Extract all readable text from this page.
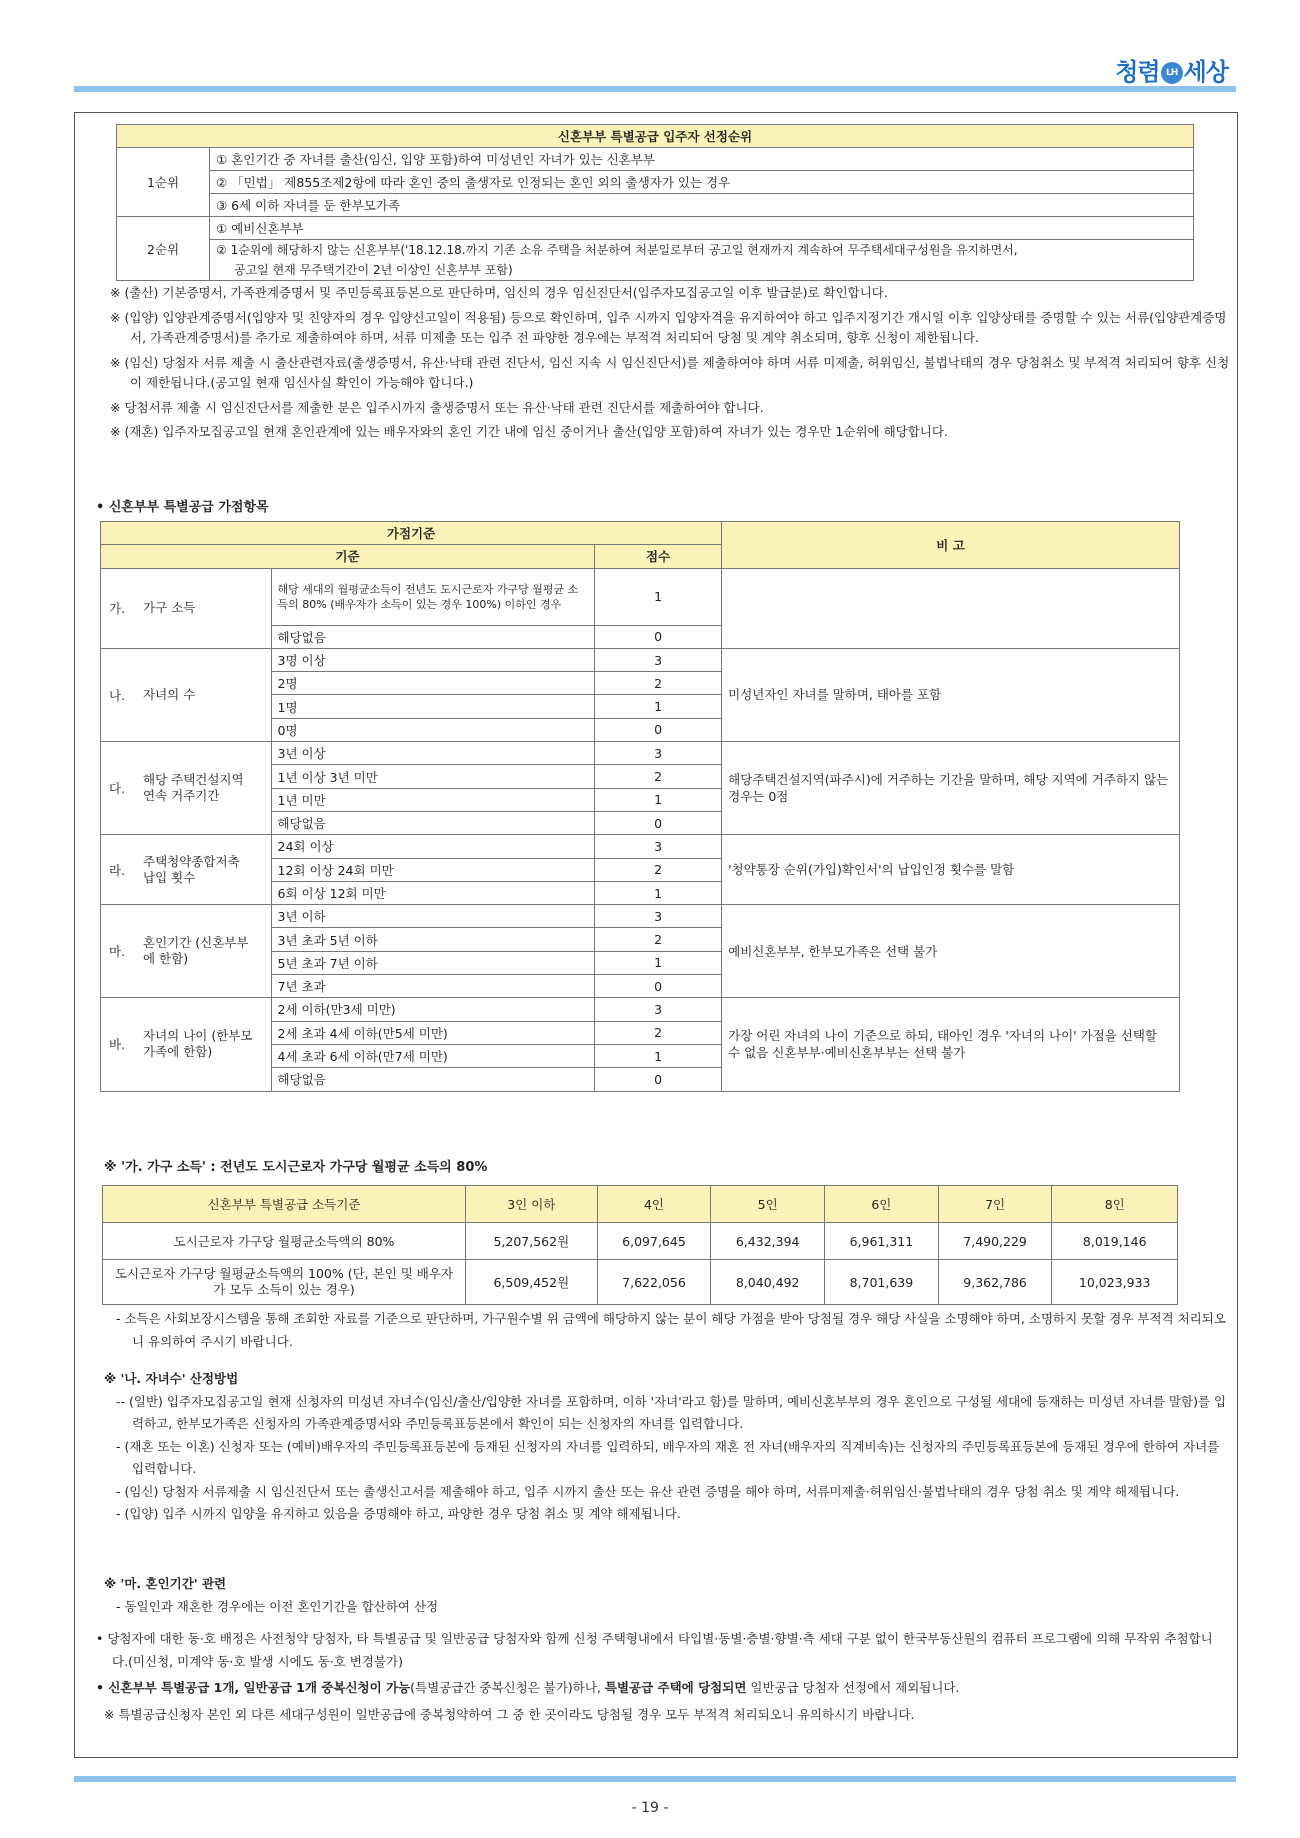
청렴 LH 세상
신혼부부 특별공급 입주자 선정순위	
1순위	① 혼인기간 중 자녀를 출산(임신, 입양 포함)하여 미성년인 자녀가 있는 신혼부부
	② 「민법」 제855조제2항에 따라 혼인 중의 출생자로 인정되는 혼인 외의 출생자가 있는 경우
	③ 6세 이하 자녀를 둔 한부모가족
2순위	① 예비신혼부부
	② 1순위에 해당하지 않는 신혼부부('18.12.18.까지 기존 소유 주택을 처분하여 처분일로부터 공고일 현재까지 계속하여 무주택세대구성원을 유지하면서,
공고일 현재 무주택기간이 2년 이상인 신혼부부 포함)

※ (출산) 기본증명서, 가족관계증명서 및 주민등록표등본으로 판단하며, 임신의 경우 임신진단서(입주자모집공고일 이후 발급분)로 확인합니다.

※ (입양) 입양관계증명서(입양자 및 친양자의 경우 입양신고일이 적용됨) 등으로 확인하며, 입주 시까지 입양자격을 유지하여야 하고 입주지정기간 개시일 이후 입양상태를 증명할 수 있는 서류(입양관계증명서, 가족관계증명서)를 추가로 제출하여야 하며, 서류 미제출 또는 입주 전 파양한 경우에는 부적격 처리되어 당첨 및 계약 취소되며, 향후 신청이 제한됩니다.

※ (임신) 당첨자 서류 제출 시 출산관련자료(출생증명서, 유산·낙태 관련 진단서, 임신 지속 시 임신진단서)를 제출하여야 하며 서류 미제출, 허위임신, 불법낙태의 경우 당첨취소 및 부적격 처리되어 향후 신청이 제한됩니다.(공고일 현재 임신사실 확인이 가능해야 합니다.)

※ 당첨서류 제출 시 임신진단서를 제출한 분은 입주시까지 출생증명서 또는 유산·낙태 관련 진단서를 제출하여야 합니다.

※ (재혼) 입주자모집공고일 현재 혼인관계에 있는 배우자와의 혼인 기간 내에 임신 중이거나 출산(입양 포함)하여 자녀가 있는 경우만 1순위에 해당합니다.

• 신혼부부 특별공급 가점항목
가점기준			비 고
기준		점수	
가. 가구 소득	해당 세대의 월평균소득이 전년도 도시근로자 가구당 월평균 소득의 80% (배우자가 소득이 있는 경우 100%) 이하인 경우	1	
	해당없음	0	
나. 자녀의 수	3명 이상	3	미성년자인 자녀를 말하며, 태아를 포함
	2명	2	
	1명	1	
	0명	0	
다.해당 주택건설지역 연속 거주기간	3년 이상	3	해당주택건설지역(파주시)에 거주하는 기간을 말하며, 해당 지역에 거주하지 않는 경우는 0점
	1년 이상 3년 미만	2	
	1년 미만	1	
	해당없음	0	
라.주택청약종합저축 납입 횟수	24회 이상	3	'청약통장 순위(가입)확인서'의 납입인정 횟수를 말함
	12회 이상 24회 미만	2	
	6회 이상 12회 미만	1	
마.혼인기간 (신혼부부에 한함)	3년 이하	3	예비신혼부부, 한부모가족은 선택 불가
	3년 초과 5년 이하	2	
	5년 초과 7년 이하	1	
	7년 초과	0	
바.자녀의 나이 (한부모가족에 한함)	2세 이하(만3세 미만)	3	가장 어린 자녀의 나이 기준으로 하되, 태아인 경우 '자녀의 나이' 가점을 선택할 수 없음 신혼부부·예비신혼부부는 선택 불가
	2세 초과 4세 이하(만5세 미만)	2	
	4세 초과 6세 이하(만7세 미만)	1	
	해당없음	0	
※ '가. 가구 소득' : 전년도 도시근로자 가구당 월평균 소득의 80%
신혼부부 특별공급 소득기준	3인 이하	4인	5인	6인	7인	8인
도시근로자 가구당 월평균소득액의 80%	5,207,562원	6,097,645	6,432,394	6,961,311	7,490,229	8,019,146
도시근로자 가구당 월평균소득액의 100% (단, 본인 및 배우자가 모두 소득이 있는 경우)	6,509,452원	7,622,056	8,040,492	8,701,639	9,362,786	10,023,933

- 소득은 사회보장시스템을 통해 조회한 자료를 기준으로 판단하며, 가구원수별 위 금액에 해당하지 않는 분이 해당 가점을 받아 당첨될 경우 해당 사실을 소명해야 하며, 소명하지 못할 경우 부적격 처리되오니 유의하여 주시기 바랍니다.

※ '나. 자녀수' 산정방법

-- (일반) 입주자모집공고일 현재 신청자의 미성년 자녀수(임신/출산/입양한 자녀를 포함하며, 이하 '자녀'라고 함)를 말하며, 예비신혼부부의 경우 혼인으로 구성될 세대에 등재하는 미성년 자녀를 말함)를 입력하고, 한부모가족은 신청자의 가족관계증명서와 주민등록표등본에서 확인이 되는 신청자의 자녀를 입력합니다.

- (재혼 또는 이혼) 신청자 또는 (예비)배우자의 주민등록표등본에 등재된 신청자의 자녀를 입력하되, 배우자의 재혼 전 자녀(배우자의 직계비속)는 신청자의 주민등록표등본에 등재된 경우에 한하여 자녀를 입력합니다.

- (임신) 당첨자 서류제출 시 임신진단서 또는 출생신고서를 제출해야 하고, 입주 시까지 출산 또는 유산 관련 증명을 해야 하며, 서류미제출·허위임신·불법낙태의 경우 당첨 취소 및 계약 해제됩니다.

- (입양) 입주 시까지 입양을 유지하고 있음을 증명해야 하고, 파양한 경우 당첨 취소 및 계약 해제됩니다.

※ '마. 혼인기간' 관련

- 동일인과 재혼한 경우에는 이전 혼인기간을 합산하여 산정

• 당첨자에 대한 동·호 배정은 사전청약 당첨자, 타 특별공급 및 일반공급 당첨자와 함께 신청 주택형내에서 타입별·동별·층별·향별·측 세대 구분 없이 한국부동산원의 컴퓨터 프로그램에 의해 무작위 추첨합니다.(미신청, 미계약 동·호 발생 시에도 동·호 변경불가)

• 신혼부부 특별공급 1개, 일반공급 1개 중복신청이 가능(특별공급간 중복신청은 불가)하나, 특별공급 주택에 당첨되면 일반공급 당첨자 선정에서 제외됩니다.

※ 특별공급신청자 본인 외 다른 세대구성원이 일반공급에 중복청약하여 그 중 한 곳이라도 당첨될 경우 모두 부적격 처리되오니 유의하시기 바랍니다.

- 19 -
